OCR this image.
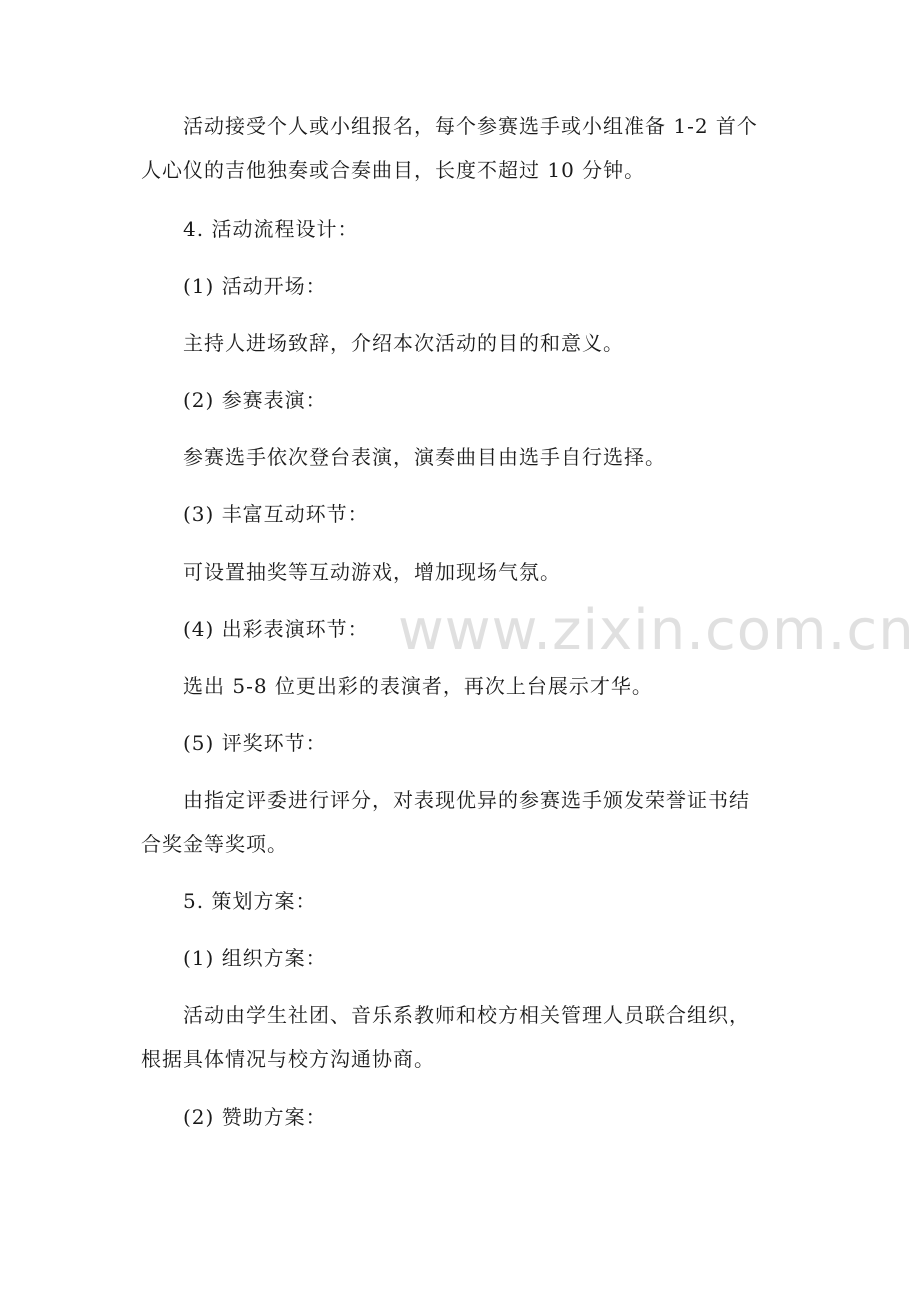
www.zixin.com.cn
活动接受个人或小组报名，每个参赛选手或小组准备 1-2 首个
人心仪的吉他独奏或合奏曲目，长度不超过 10 分钟。
4. 活动流程设计：
(1) 活动开场：
主持人进场致辞，介绍本次活动的目的和意义。
(2) 参赛表演：
参赛选手依次登台表演，演奏曲目由选手自行选择。
(3) 丰富互动环节：
可设置抽奖等互动游戏，增加现场气氛。
(4) 出彩表演环节：
选出 5-8 位更出彩的表演者，再次上台展示才华。
(5) 评奖环节：
由指定评委进行评分，对表现优异的参赛选手颁发荣誉证书结
合奖金等奖项。
5. 策划方案：
(1) 组织方案：
活动由学生社团、音乐系教师和校方相关管理人员联合组织，
根据具体情况与校方沟通协商。
(2) 赞助方案：
